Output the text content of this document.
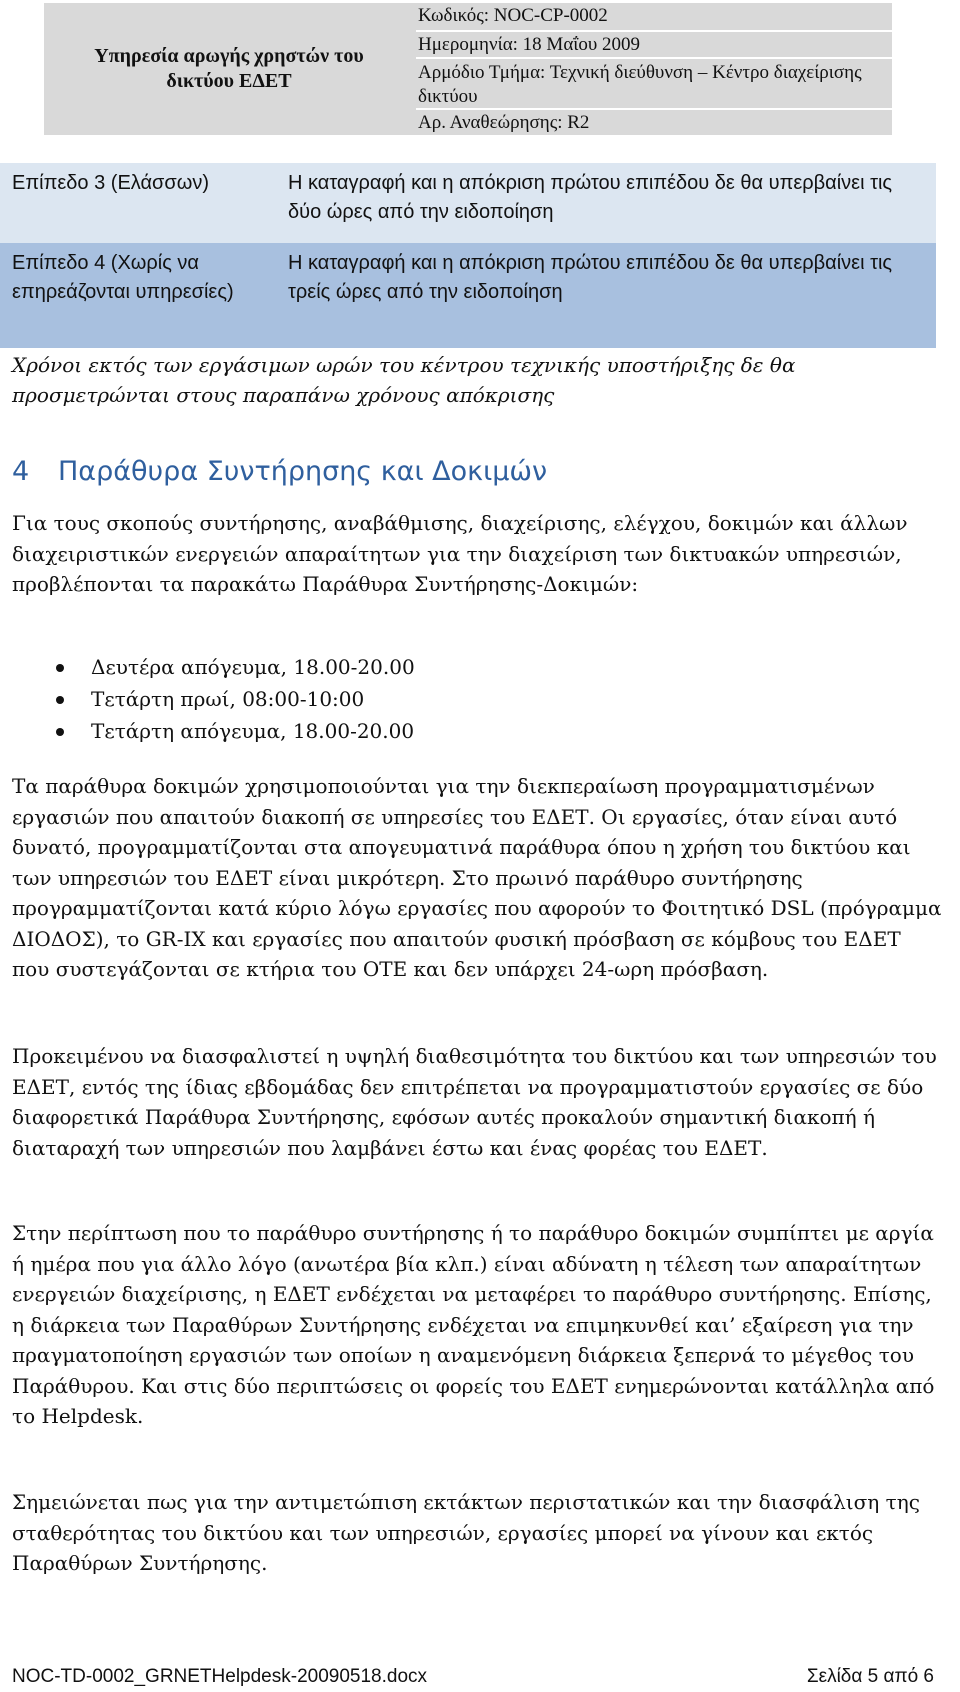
Υπηρεσία αρωγής χρηστών του δικτύου ΕΔΕΤ
Κωδικός: NOC-CP-0002
Ημερομηνία: 18 Μαΐου 2009
Αρμόδιο Τμήμα: Τεχνική διεύθυνση – Κέντρο διαχείρισης δικτύου
Αρ. Αναθεώρησης: R2
Επίπεδο 3 (Ελάσσων)	Η καταγραφή και η απόκριση πρώτου επιπέδου δε θα υπερβαίνει τις δύο ώρες από την ειδοποίηση
Επίπεδο 4 (Χωρίς να επηρεάζονται υπηρεσίες)
Η καταγραφή και η απόκριση πρώτου επιπέδου δε θα υπερβαίνει τις τρείς ώρες από την ειδοποίηση
Χρόνοι εκτός των εργάσιμων ωρών του κέντρου τεχνικής υποστήριξης δε θα προσμετρώνται στους παραπάνω χρόνους απόκρισης
4 Παράθυρα Συντήρησης και Δοκιμών
Για τους σκοπούς συντήρησης, αναβάθμισης, διαχείρισης, ελέγχου, δοκιμών και άλλων διαχειριστικών ενεργειών απαραίτητων για την διαχείριση των δικτυακών υπηρεσιών, προβλέπονται τα παρακάτω Παράθυρα Συντήρησης-Δοκιμών:
Δευτέρα απόγευμα, 18.00-20.00
Τετάρτη πρωί, 08:00-10:00
Τετάρτη απόγευμα, 18.00-20.00
Τα παράθυρα δοκιμών χρησιμοποιούνται για την διεκπεραίωση προγραμματισμένων εργασιών που απαιτούν διακοπή σε υπηρεσίες του ΕΔΕΤ. Οι εργασίες, όταν είναι αυτό δυνατό, προγραμματίζονται στα απογευματινά παράθυρα όπου η χρήση του δικτύου και των υπηρεσιών του ΕΔΕΤ είναι μικρότερη. Στο πρωινό παράθυρο συντήρησης προγραμματίζονται κατά κύριο λόγω εργασίες που αφορούν το Φοιτητικό DSL (πρόγραμμα ΔΙΟΔΟΣ), το GR-IX και εργασίες που απαιτούν φυσική πρόσβαση σε κόμβους του ΕΔΕΤ που συστεγάζονται σε κτήρια του ΟΤΕ και δεν υπάρχει 24-ωρη πρόσβαση.
Προκειμένου να διασφαλιστεί η υψηλή διαθεσιμότητα του δικτύου και των υπηρεσιών του ΕΔΕΤ, εντός της ίδιας εβδομάδας δεν επιτρέπεται να προγραμματιστούν εργασίες σε δύο διαφορετικά Παράθυρα Συντήρησης, εφόσων αυτές προκαλούν σημαντική διακοπή ή διαταραχή των υπηρεσιών που λαμβάνει έστω και ένας φορέας του ΕΔΕΤ.
Στην περίπτωση που το παράθυρο συντήρησης ή το παράθυρο δοκιμών συμπίπτει με αργία ή ημέρα που για άλλο λόγο (ανωτέρα βία κλπ.) είναι αδύνατη η τέλεση των απαραίτητων ενεργειών διαχείρισης, η ΕΔΕΤ ενδέχεται να μεταφέρει το παράθυρο συντήρησης. Επίσης, η διάρκεια των Παραθύρων Συντήρησης ενδέχεται να επιμηκυνθεί και’ εξαίρεση για την πραγματοποίηση εργασιών των οποίων η αναμενόμενη διάρκεια ξεπερνά το μέγεθος του Παράθυρου. Και στις δύο περιπτώσεις οι φορείς του ΕΔΕΤ ενημερώνονται κατάλληλα από το Helpdesk.
Σημειώνεται πως για την αντιμετώπιση εκτάκτων περιστατικών και την διασφάλιση της σταθερότητας του δικτύου και των υπηρεσιών, εργασίες μπορεί να γίνουν και εκτός Παραθύρων Συντήρησης.
NOC-TD-0002_GRNETHelpdesk-20090518.docx	Σελίδα 5 από 6
